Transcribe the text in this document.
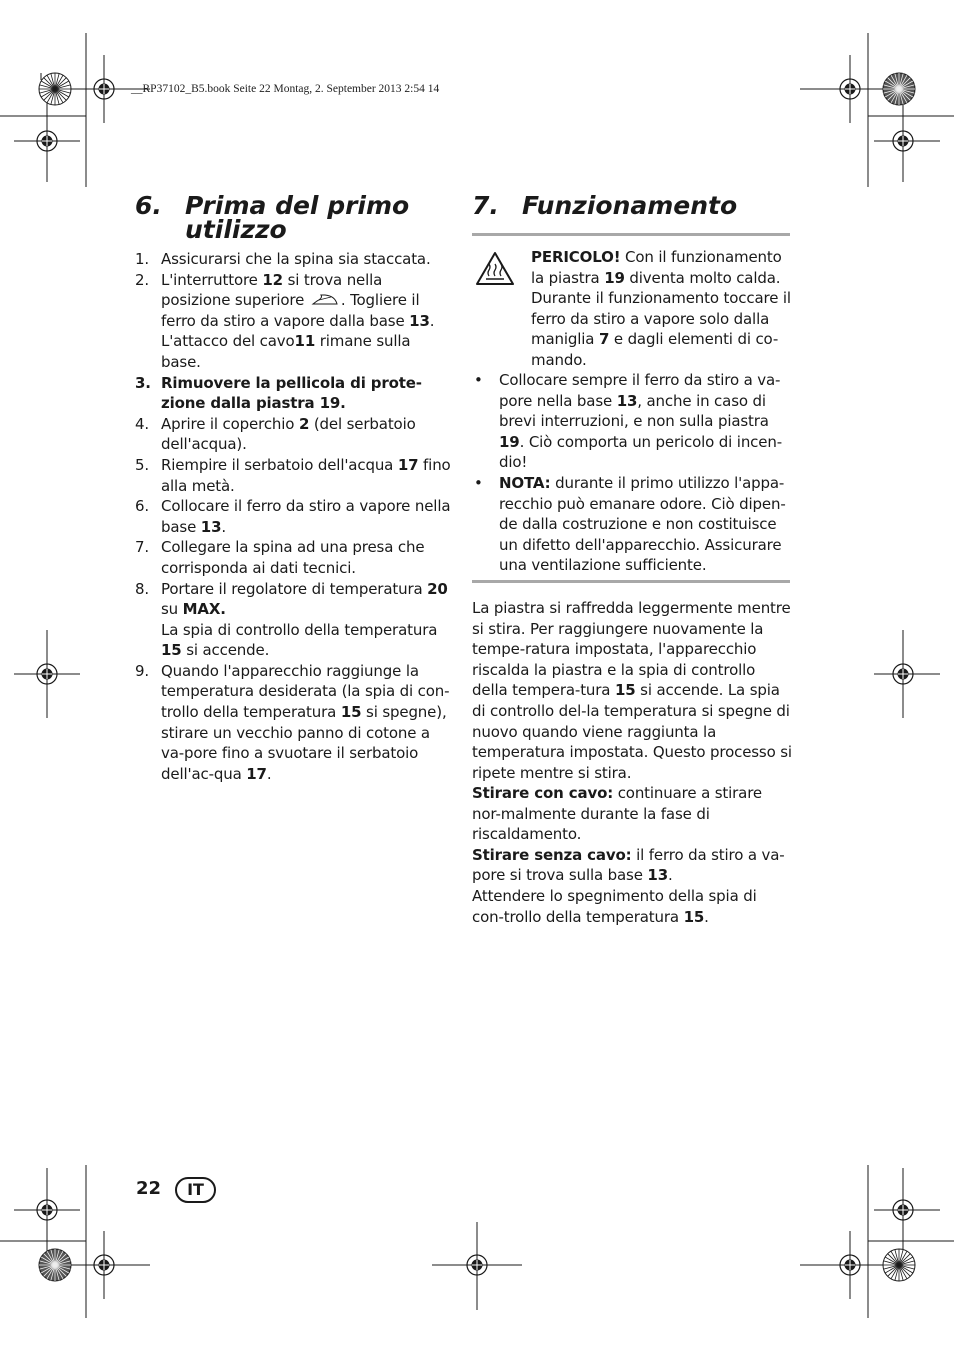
__RP37102_B5.book Seite 22 Montag, 2. September 2013 2:54 14
6. Prima del primo
utilizzo
1. Assicurarsi che la spina sia staccata.
2. L'interruttore 12 si trova nella posizione superiore . Togliere il ferro da stiro a vapore dalla base 13. L'attacco del cavo11 rimane sulla base.
3. Rimuovere la pellicola di prote-zione dalla piastra 19.
4. Aprire il coperchio 2 (del serbatoio dell'acqua).
5. Riempire il serbatoio dell'acqua 17 fino alla metà.
6. Collocare il ferro da stiro a vapore nella base 13.
7. Collegare la spina ad una presa che corrisponda ai dati tecnici.
8. Portare il regolatore di temperatura 20 su MAX.
La spia di controllo della temperatura 15 si accende.
9. Quando l'apparecchio raggiunge la temperatura desiderata (la spia di con-trollo della temperatura 15 si spegne), stirare un vecchio panno di cotone a va-pore fino a svuotare il serbatoio dell'ac-qua 17.
7. Funzionamento
PERICOLO! Con il funzionamento la piastra 19 diventa molto calda. Durante il funzionamento toccare il ferro da stiro a vapore solo dalla maniglia 7 e dagli elementi di co-mando.
• Collocare sempre il ferro da stiro a va-pore nella base 13, anche in caso di brevi interruzioni, e non sulla piastra 19. Ciò comporta un pericolo di incen-dio!
• NOTA: durante il primo utilizzo l'appa-recchio può emanare odore. Ciò dipen-de dalla costruzione e non costituisce un difetto dell'apparecchio. Assicurare una ventilazione sufficiente.
La piastra si raffredda leggermente mentre si stira. Per raggiungere nuovamente la tempe-ratura impostata, l'apparecchio riscalda la piastra e la spia di controllo della tempera-tura 15 si accende. La spia di controllo del-la temperatura si spegne di nuovo quando viene raggiunta la temperatura impostata. Questo processo si ripete mentre si stira.
Stirare con cavo: continuare a stirare nor-malmente durante la fase di riscaldamento.
Stirare senza cavo: il ferro da stiro a va-pore si trova sulla base 13.
Attendere lo spegnimento della spia di con-trollo della temperatura 15.
22	IT
